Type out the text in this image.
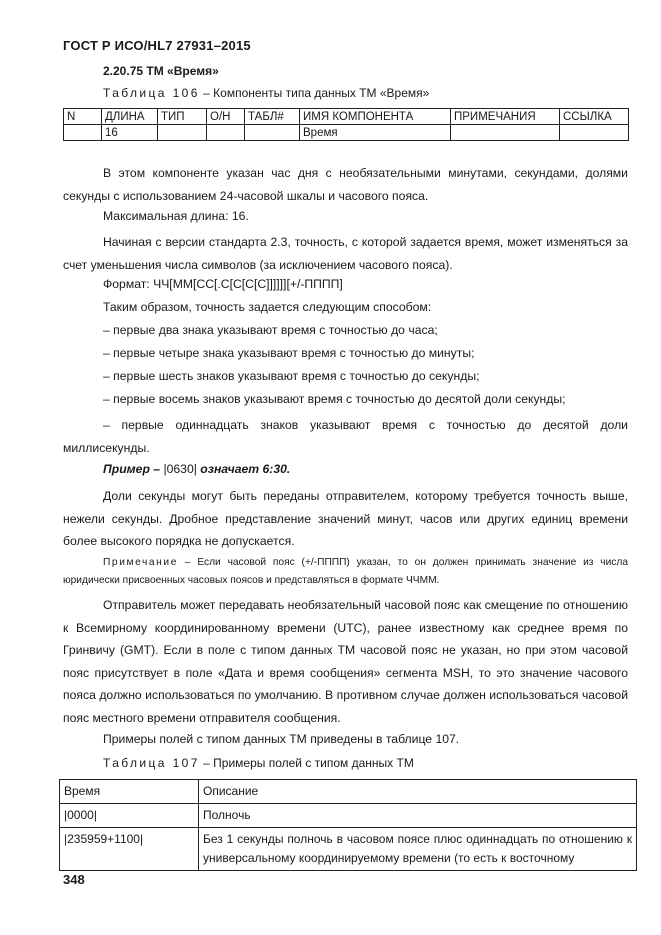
ГОСТ Р ИСО/HL7 27931–2015
2.20.75 TM «Время»
Таблица 106 – Компоненты типа данных TM «Время»
N	ДЛИНА	ТИП	О/Н	ТАБЛ#	ИМЯ КОМПОНЕНТА	ПРИМЕЧАНИЯ	ССЫЛКА
	16				Время		
В этом компоненте указан час дня с необязательными минутами, секундами, долями секунды с использованием 24-часовой шкалы и часового пояса.
Максимальная длина: 16.
Начиная с версии стандарта 2.3, точность, с которой задается время, может изменяться за счет уменьшения числа символов (за исключением часового пояса).
Формат: ЧЧ[ММ[СС[.С[С[С[С]]]]]][+/-ПППП]
Таким образом, точность задается следующим способом:
– первые два знака указывают время с точностью до часа;
– первые четыре знака указывают время с точностью до минуты;
– первые шесть знаков указывают время с точностью до секунды;
– первые восемь знаков указывают время с точностью до десятой доли секунды;
– первые одиннадцать знаков указывают время с точностью до десятой доли миллисекунды.
Пример – |0630| означает 6:30.
Доли секунды могут быть переданы отправителем, которому требуется точность выше, нежели секунды. Дробное представление значений минут, часов или других единиц времени более высокого порядка не допускается.
Примечание – Если часовой пояс (+/-ПППП) указан, то он должен принимать значение из числа юридически присвоенных часовых поясов и представляться в формате ЧЧММ.
Отправитель может передавать необязательный часовой пояс как смещение по отношению к Всемирному координированному времени (UTC), ранее известному как среднее время по Гринвичу (GMT). Если в поле с типом данных TM часовой пояс не указан, но при этом часовой пояс присутствует в поле «Дата и время сообщения» сегмента MSH, то это значение часового пояса должно использоваться по умолчанию. В противном случае должен использоваться часовой пояс местного времени отправителя сообщения.
Примеры полей с типом данных TM приведены в таблице 107.
Таблица 107 – Примеры полей с типом данных TM
Время	Описание
|0000|	Полночь
|235959+1100|	Без 1 секунды полночь в часовом поясе плюс одиннадцать по отношению к универсальному координируемому времени (то есть к восточному
348
